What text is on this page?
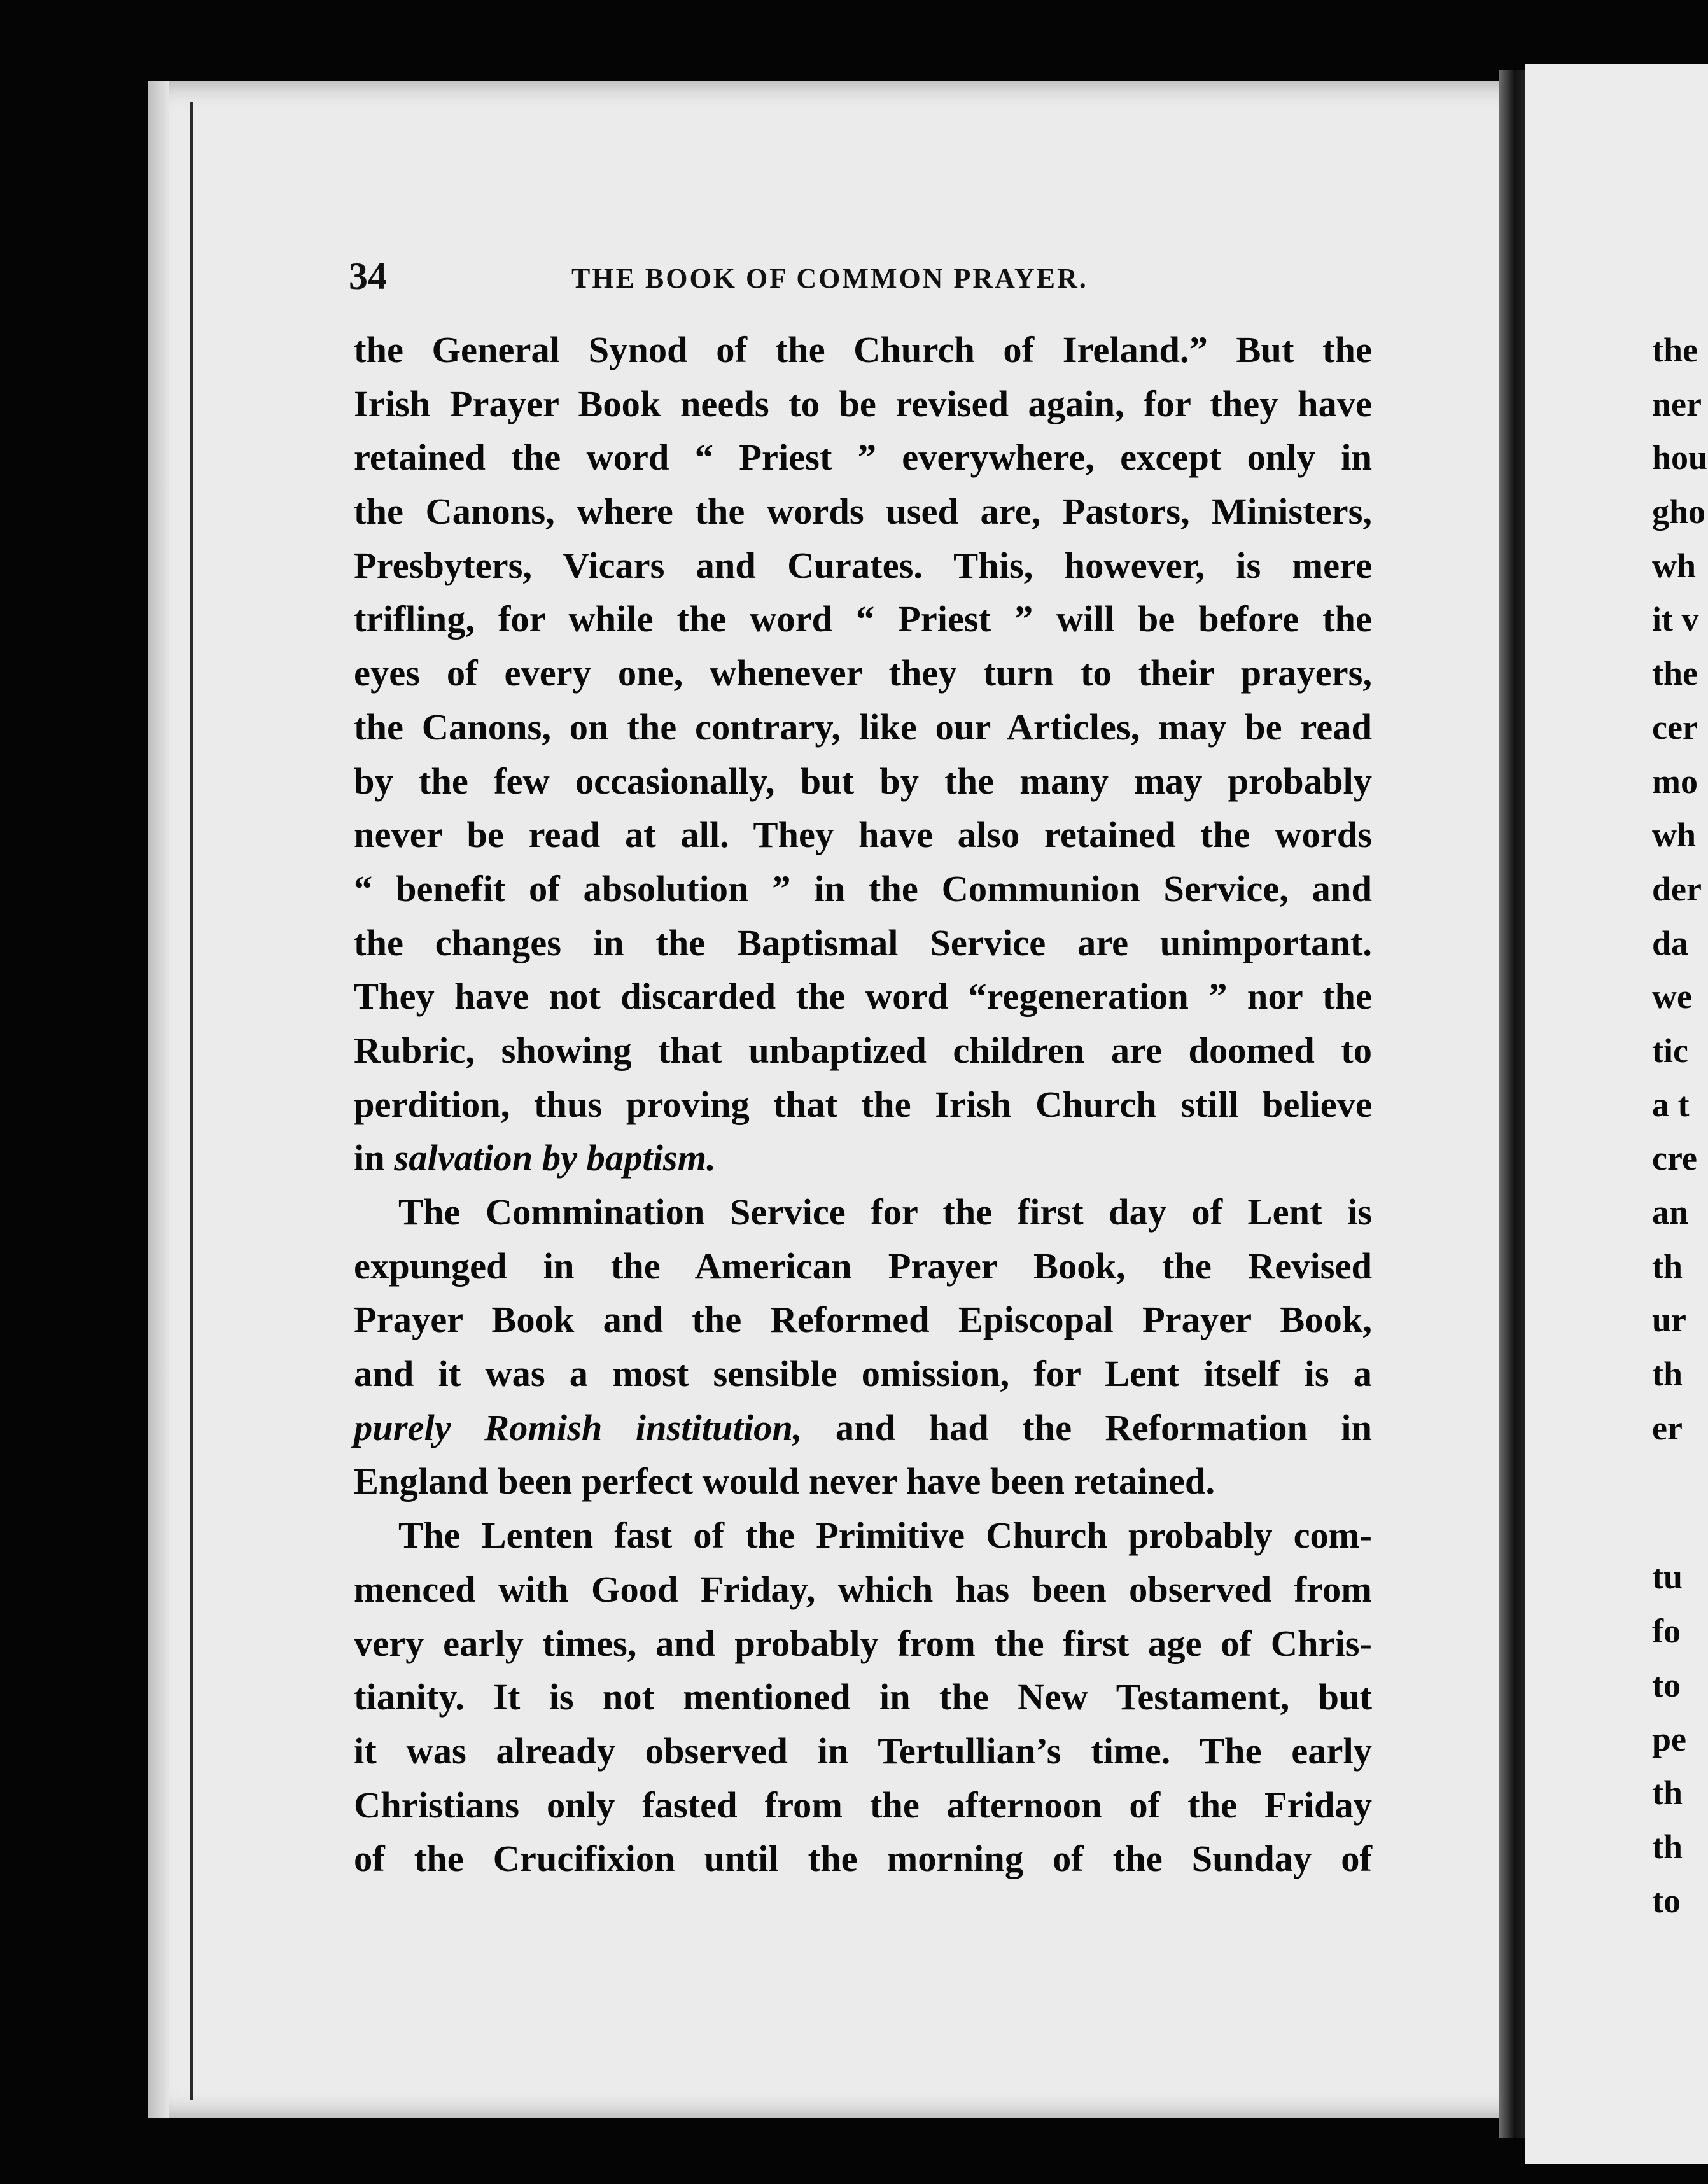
34	THE BOOK OF COMMON PRAYER.
the General Synod of the Church of Ireland.” But the
Irish Prayer Book needs to be revised again, for they have
retained the word “ Priest ” everywhere, except only in
the Canons, where the words used are, Pastors, Ministers,
Presbyters, Vicars and Curates. This, however, is mere
trifling, for while the word “ Priest ” will be before the
eyes of every one, whenever they turn to their prayers,
the Canons, on the contrary, like our Articles, may be read
by the few occasionally, but by the many may probably
never be read at all. They have also retained the words
“ benefit of absolution ” in the Communion Service, and
the changes in the Baptismal Service are unimportant.
They have not discarded the word “regeneration ” nor the
Rubric, showing that unbaptized children are doomed to
perdition, thus proving that the Irish Church still believe
in salvation by baptism.
The Commination Service for the first day of Lent is
expunged in the American Prayer Book, the Revised
Prayer Book and the Reformed Episcopal Prayer Book,
and it was a most sensible omission, for Lent itself is a
purely Romish institution, and had the Reformation in
England been perfect would never have been retained.
The Lenten fast of the Primitive Church probably com-
menced with Good Friday, which has been observed from
very early times, and probably from the first age of Chris-
tianity. It is not mentioned in the New Testament, but
it was already observed in Tertullian’s time. The early
Christians only fasted from the afternoon of the Friday
of the Crucifixion until the morning of the Sunday of
the
ner
hou
gho
wh
it v
the
cer
mo
wh
der
da
we
tic
a t
cre
an
th
ur
th
er
tu
fo
to
pe
th
th
to
